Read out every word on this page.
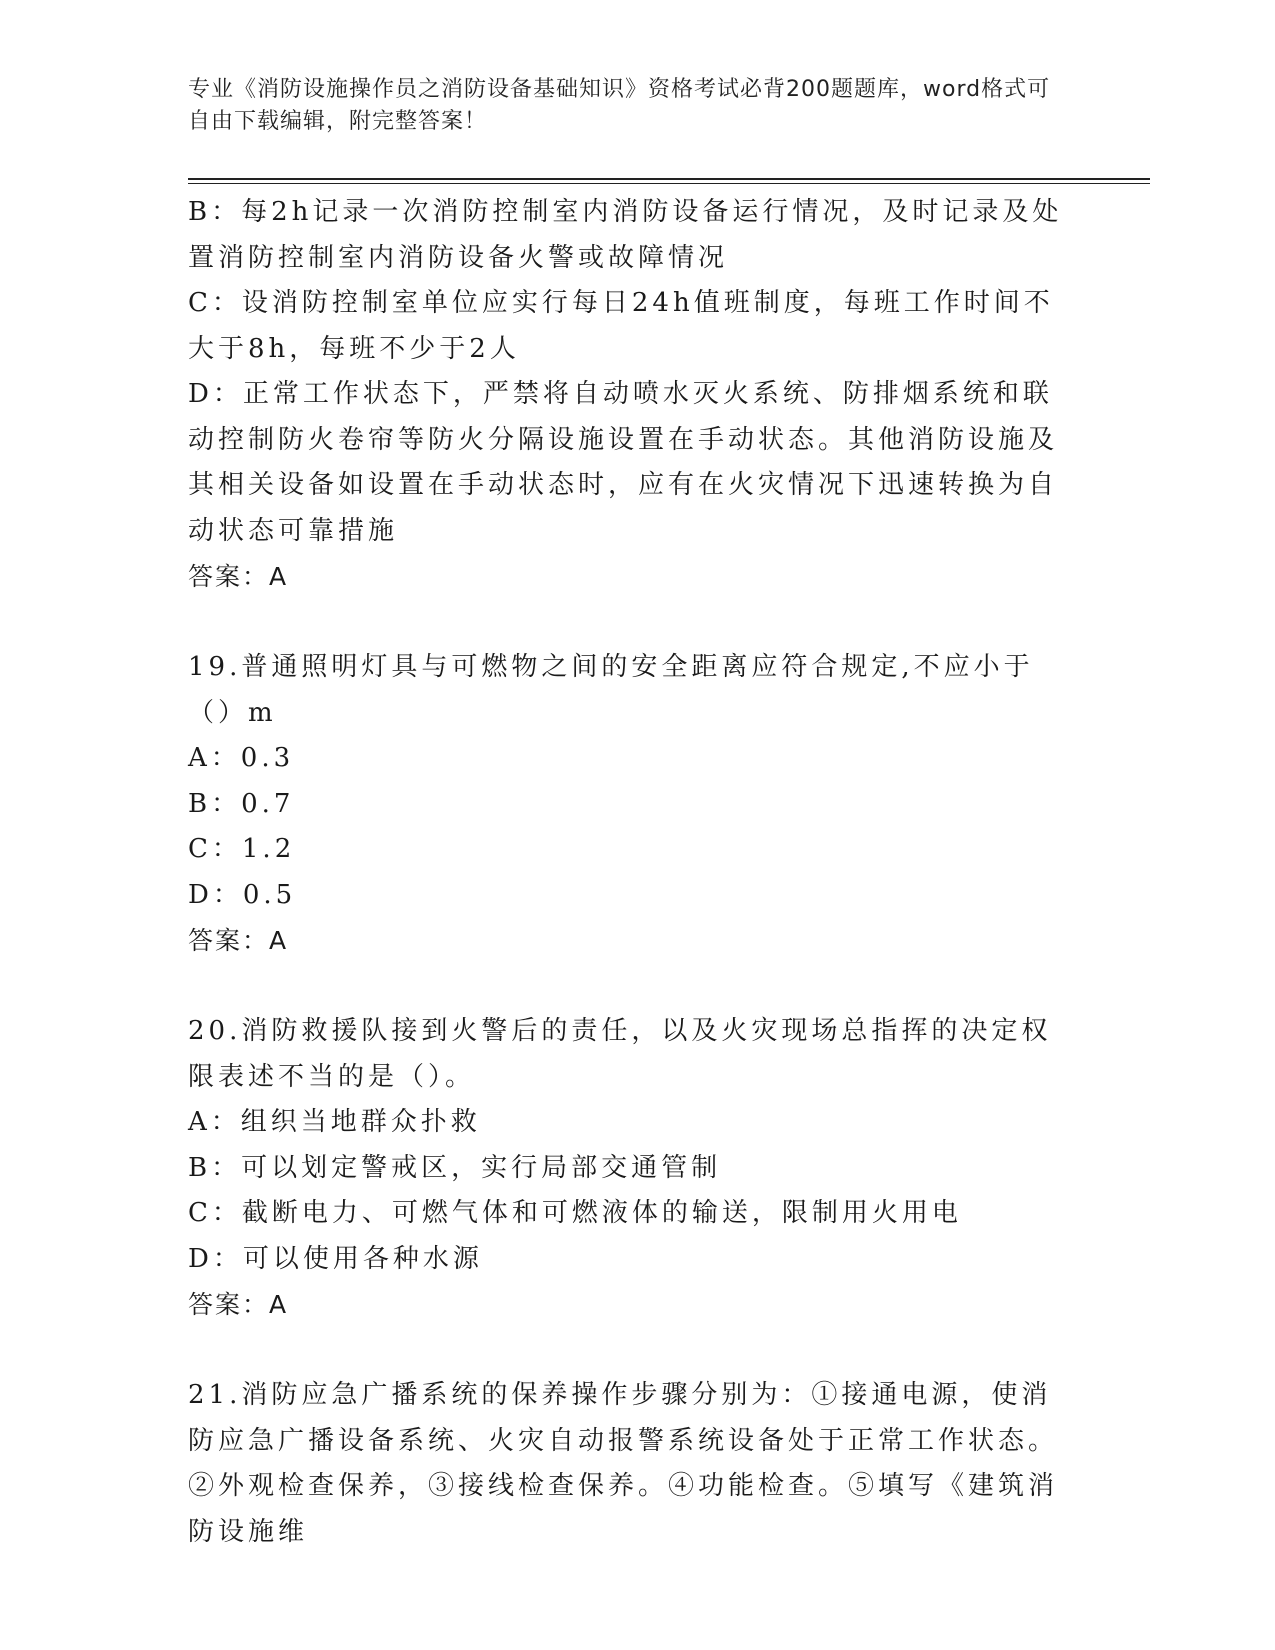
专业《消防设施操作员之消防设备基础知识》资格考试必背200题题库，word格式可自由下载编辑，附完整答案！

B：每2h记录一次消防控制室内消防设备运行情况，及时记录及处置消防控制室内消防设备火警或故障情况

C：设消防控制室单位应实行每日24h值班制度，每班工作时间不大于8h，每班不少于2人

D：正常工作状态下，严禁将自动喷水灭火系统、防排烟系统和联动控制防火卷帘等防火分隔设施设置在手动状态。其他消防设施及其相关设备如设置在手动状态时，应有在火灾情况下迅速转换为自动状态可靠措施

答案：A

19.普通照明灯具与可燃物之间的安全距离应符合规定,不应小于（）m

A：0.3

B：0.7

C：1.2

D：0.5

答案：A

20.消防救援队接到火警后的责任，以及火灾现场总指挥的决定权限表述不当的是（）。

A：组织当地群众扑救

B：可以划定警戒区，实行局部交通管制

C：截断电力、可燃气体和可燃液体的输送，限制用火用电

D：可以使用各种水源

答案：A

21.消防应急广播系统的保养操作步骤分别为：①接通电源，使消防应急广播设备系统、火灾自动报警系统设备处于正常工作状态。②外观检查保养，③接线检查保养。④功能检查。⑤填写《建筑消防设施维
